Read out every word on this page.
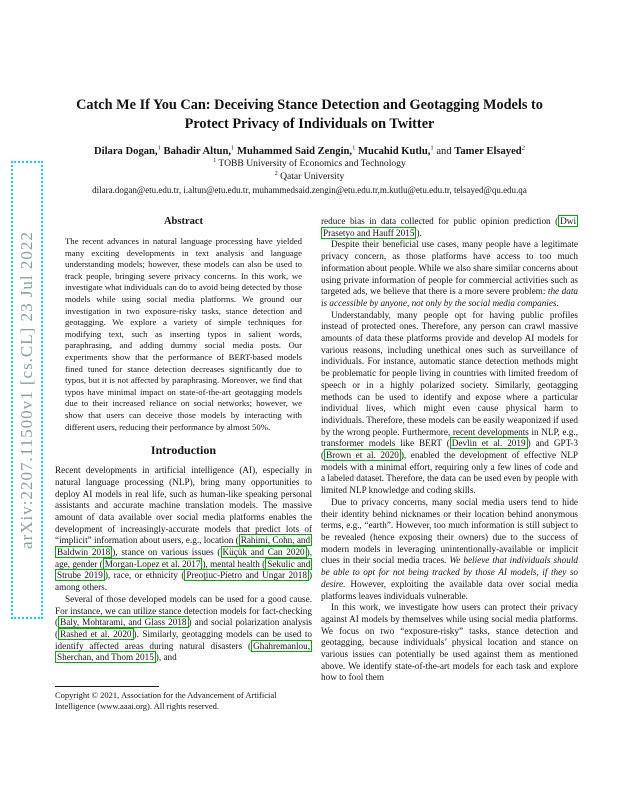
arXiv:2207.11500v1 [cs.CL] 23 Jul 2022
Catch Me If You Can: Deceiving Stance Detection and Geotagging Models to
Protect Privacy of Individuals on Twitter
Dilara Dogan,$^1$ Bahadir Altun,$^1$ Muhammed Said Zengin,$^1$ Mucahid Kutlu,$^1$ and Tamer Elsayed$^2$
$^1$ TOBB University of Economics and Technology
$^2$ Qatar University
dilara.dogan@etu.edu.tr, i.altun@etu.edu.tr, muhammedsaid.zengin@etu.edu.tr,m.kutlu@etu.edu.tr, telsayed@qu.edu.qa
Abstract

The recent advances in natural language processing have yielded many exciting developments in text analysis and language understanding models; however, these models can also be used to track people, bringing severe privacy concerns. In this work, we investigate what individuals can do to avoid being detected by those models while using social media platforms. We ground our investigation in two exposure-risky tasks, stance detection and geotagging. We explore a variety of simple techniques for modifying text, such as inserting typos in salient words, paraphrasing, and adding dummy social media posts. Our experiments show that the performance of BERT-based models fined tuned for stance detection decreases significantly due to typos, but it is not affected by paraphrasing. Moreover, we find that typos have minimal impact on state-of-the-art geotagging models due to their increased reliance on social networks; however, we show that users can deceive those models by interacting with different users, reducing their performance by almost 50%.

Introduction

Recent developments in artificial intelligence (AI), especially in natural language processing (NLP), bring many opportunities to deploy AI models in real life, such as human-like speaking personal assistants and accurate machine translation models. The massive amount of data available over social media platforms enables the development of increasingly-accurate models that predict lots of “implicit” information about users, e.g., location ( Rahimi, Cohn, and Baldwin 2018 ), stance on various issues ( Küçük and Can 2020 ), age, gender ( Morgan-Lopez et al. 2017 ), mental health ( Sekulic and Strube 2019 ), race, or ethnicity ( Preoţiuc-Pietro and Ungar 2018 ) among others.

Several of those developed models can be used for a good cause. For instance, we can utilize stance detection models for fact-checking ( Baly, Mohtarami, and Glass 2018 ) and social polarization analysis ( Rashed et al. 2020 ). Similarly, geotagging models can be used to identify affected areas during natural disasters ( Ghahremanlou, Sherchan, and Thom 2015 ), and

Copyright © 2021, Association for the Advancement of Artificial Intelligence (www.aaai.org). All rights reserved.

reduce bias in data collected for public opinion prediction ( Dwi Prasetyo and Hauff 2015 ).

Despite their beneficial use cases, many people have a legitimate privacy concern, as those platforms have access to too much information about people. While we also share similar concerns about using private information of people for commercial activities such as targeted ads, we believe that there is a more severe problem: the data is accessible by anyone, not only by the social media companies.

Understandably, many people opt for having public profiles instead of protected ones. Therefore, any person can crawl massive amounts of data these platforms provide and develop AI models for various reasons, including unethical ones such as surveillance of individuals. For instance, automatic stance detection methods might be problematic for people living in countries with limited freedom of speech or in a highly polarized society. Similarly, geotagging methods can be used to identify and expose where a particular individual lives, which might even cause physical harm to individuals. Therefore, these models can be easily weaponized if used by the wrong people. Furthermore, recent developments in NLP, e.g., transformer models like BERT ( Devlin et al. 2019 ) and GPT-3 ( Brown et al. 2020 ), enabled the development of effective NLP models with a minimal effort, requiring only a few lines of code and a labeled dataset. Therefore, the data can be used even by people with limited NLP knowledge and coding skills.

Due to privacy concerns, many social media users tend to hide their identity behind nicknames or their location behind anonymous terms, e.g., “earth”. However, too much information is still subject to be revealed (hence exposing their owners) due to the success of modern models in leveraging unintentionally-available or implicit clues in their social media traces. We believe that individuals should be able to opt for not being tracked by those AI models, if they so desire. However, exploiting the available data over social media platforms leaves individuals vulnerable.

In this work, we investigate how users can protect their privacy against AI models by themselves while using social media platforms. We focus on two “exposure-risky” tasks, stance detection and geotagging, because individuals’ physical location and stance on various issues can potentially be used against them as mentioned above. We identify state-of-the-art models for each task and explore how to fool them
